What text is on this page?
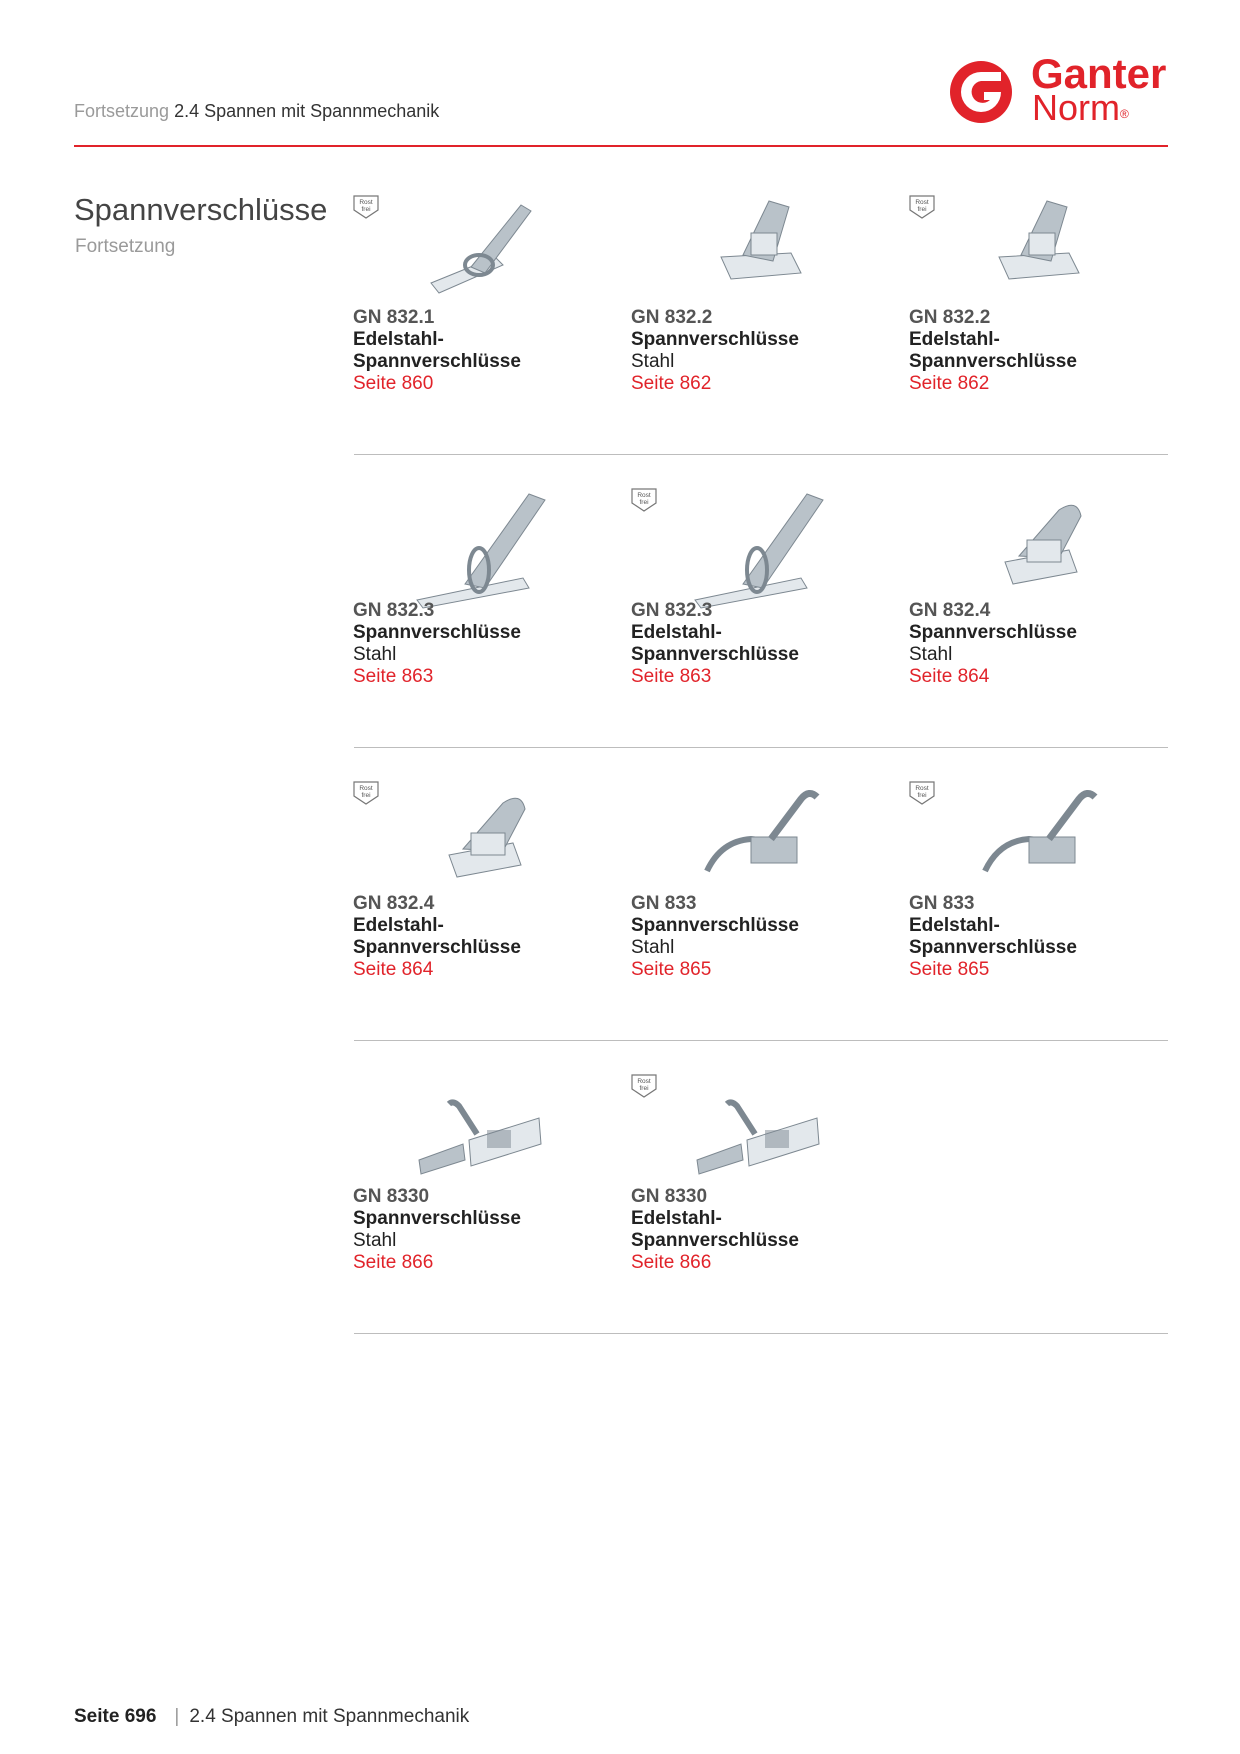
Fortsetzung 2.4 Spannen mit Spannmechanik
Ganter
Norm®
Spannverschlüsse
Fortsetzung
Rost
frei
GN 832.1
Edelstahl-
Spannverschlüsse
Seite 860
GN 832.2
Spannverschlüsse
Stahl
Seite 862
Rost
frei
GN 832.2
Edelstahl-
Spannverschlüsse
Seite 862
GN 832.3
Spannverschlüsse
Stahl
Seite 863
Rost
frei
GN 832.3
Edelstahl-
Spannverschlüsse
Seite 863
GN 832.4
Spannverschlüsse
Stahl
Seite 864
Rost
frei
GN 832.4
Edelstahl-
Spannverschlüsse
Seite 864
GN 833
Spannverschlüsse
Stahl
Seite 865
Rost
frei
GN 833
Edelstahl-
Spannverschlüsse
Seite 865
GN 8330
Spannverschlüsse
Stahl
Seite 866
Rost
frei
GN 8330
Edelstahl-
Spannverschlüsse
Seite 866
Seite 696 | 2.4 Spannen mit Spannmechanik
